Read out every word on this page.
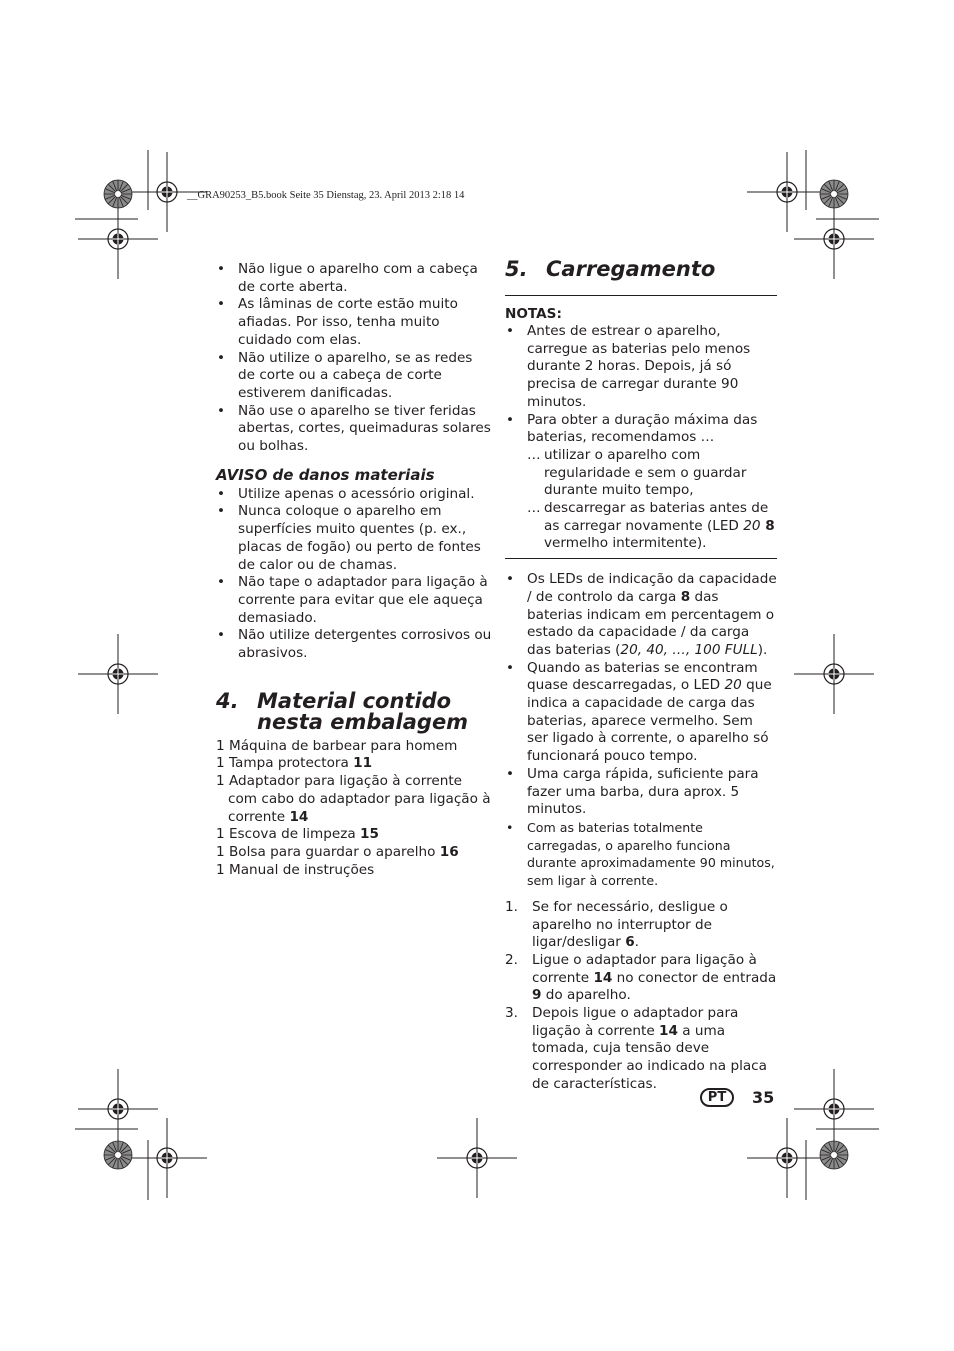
__GRA90253_B5.book Seite 35 Dienstag, 23. April 2013 2:18 14
• Não ligue o aparelho com a cabeça de corte aberta.
• As lâminas de corte estão muito afiadas. Por isso, tenha muito cuidado com elas.
• Não utilize o aparelho, se as redes de corte ou a cabeça de corte estiverem danificadas.
• Não use o aparelho se tiver feridas abertas, cortes, queimaduras solares ou bolhas.
AVISO de danos materiais
• Utilize apenas o acessório original.
• Nunca coloque o aparelho em superfícies muito quentes (p. ex., placas de fogão) ou perto de fontes de calor ou de chamas.
• Não tape o adaptador para ligação à corrente para evitar que ele aqueça demasiado.
• Não utilize detergentes corrosivos ou abrasivos.
4. Material contido nesta embalagem
1 Máquina de barbear para homem
1 Tampa protectora 11
1 Adaptador para ligação à corrente com cabo do adaptador para ligação à corrente 14
1 Escova de limpeza 15
1 Bolsa para guardar o aparelho 16
1 Manual de instruções
5. Carregamento
NOTAS:
• Antes de estrear o aparelho, carregue as baterias pelo menos durante 2 horas. Depois, já só precisa de carregar durante 90 minutos.
• Para obter a duração máxima das baterias, recomendamos …
… utilizar o aparelho com regularidade e sem o guardar durante muito tempo,
… descarregar as baterias antes de as carregar novamente (LED 20 8 vermelho intermitente).
• Os LEDs de indicação da capacidade / de controlo da carga 8 das baterias indicam em percentagem o estado da capacidade / da carga das baterias (20, 40, …, 100 FULL).
• Quando as baterias se encontram quase descarregadas, o LED 20 que indica a capacidade de carga das baterias, aparece vermelho. Sem ser ligado à corrente, o aparelho só funcionará pouco tempo.
• Uma carga rápida, suficiente para fazer uma barba, dura aprox. 5 minutos.
• Com as baterias totalmente carregadas, o aparelho funciona durante aproximadamente 90 minutos, sem ligar à corrente.
1. Se for necessário, desligue o aparelho no interruptor de ligar/desligar 6.
2. Ligue o adaptador para ligação à corrente 14 no conector de entrada 9 do aparelho.
3. Depois ligue o adaptador para ligação à corrente 14 a uma tomada, cuja tensão deve corresponder ao indicado na placa de características.
PT	35
